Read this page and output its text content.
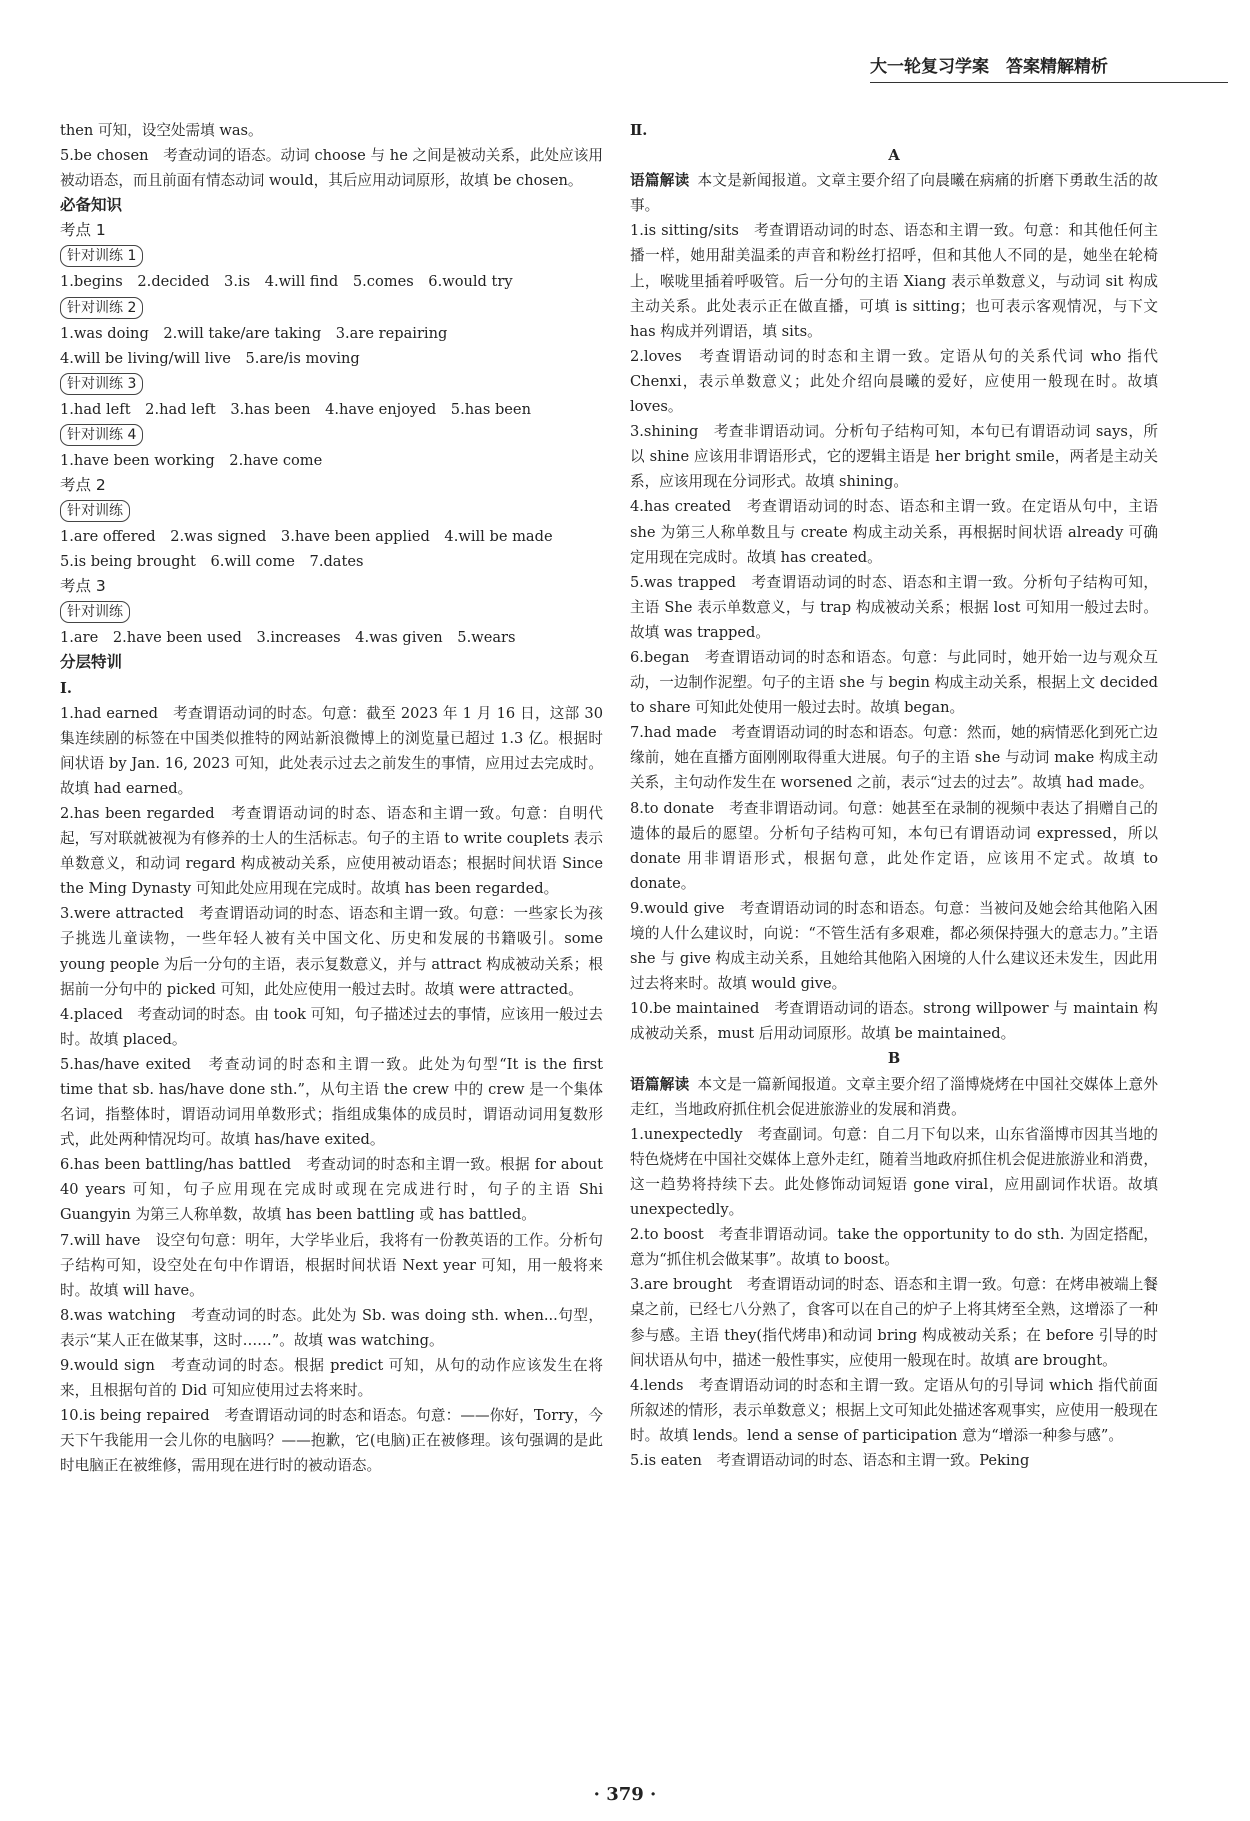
大一轮复习学案　答案精解精析

then 可知，设空处需填 was。

5.be chosen　考查动词的语态。动词 choose 与 he 之间是被动关系，此处应该用被动语态，而且前面有情态动词 would，其后应用动词原形，故填 be chosen。

必备知识

考点 1

针对训练 1

1.begins　2.decided　3.is　4.will find　5.comes　6.would try

针对训练 2

1.was doing　2.will take/are taking　3.are repairing

4.will be living/will live　5.are/is moving

针对训练 3

1.had left　2.had left　3.has been　4.have enjoyed　5.has been

针对训练 4

1.have been working　2.have come

考点 2

针对训练

1.are offered　2.was signed　3.have been applied　4.will be made

5.is being brought　6.will come　7.dates

考点 3

针对训练

1.are　2.have been used　3.increases　4.was given　5.wears

分层特训

Ⅰ.

1.had earned　考查谓语动词的时态。句意：截至 2023 年 1 月 16 日，这部 30 集连续剧的标签在中国类似推特的网站新浪微博上的浏览量已超过 1.3 亿。根据时间状语 by Jan. 16, 2023 可知，此处表示过去之前发生的事情，应用过去完成时。故填 had earned。

2.has been regarded　考查谓语动词的时态、语态和主谓一致。句意：自明代起，写对联就被视为有修养的士人的生活标志。句子的主语 to write couplets 表示单数意义，和动词 regard 构成被动关系，应使用被动语态；根据时间状语 Since the Ming Dynasty 可知此处应用现在完成时。故填 has been regarded。

3.were attracted　考查谓语动词的时态、语态和主谓一致。句意：一些家长为孩子挑选儿童读物，一些年轻人被有关中国文化、历史和发展的书籍吸引。some young people 为后一分句的主语，表示复数意义，并与 attract 构成被动关系；根据前一分句中的 picked 可知，此处应使用一般过去时。故填 were attracted。

4.placed　考查动词的时态。由 took 可知，句子描述过去的事情，应该用一般过去时。故填 placed。

5.has/have exited　考查动词的时态和主谓一致。此处为句型“It is the first time that sb. has/have done sth.”，从句主语 the crew 中的 crew 是一个集体名词，指整体时，谓语动词用单数形式；指组成集体的成员时，谓语动词用复数形式，此处两种情况均可。故填 has/have exited。

6.has been battling/has battled　考查动词的时态和主谓一致。根据 for about 40 years 可知，句子应用现在完成时或现在完成进行时，句子的主语 Shi Guangyin 为第三人称单数，故填 has been battling 或 has battled。

7.will have　设空句句意：明年，大学毕业后，我将有一份教英语的工作。分析句子结构可知，设空处在句中作谓语，根据时间状语 Next year 可知，用一般将来时。故填 will have。

8.was watching　考查动词的时态。此处为 Sb. was doing sth. when...句型，表示“某人正在做某事，这时……”。故填 was watching。

9.would sign　考查动词的时态。根据 predict 可知，从句的动作应该发生在将来，且根据句首的 Did 可知应使用过去将来时。

10.is being repaired　考查谓语动词的时态和语态。句意：——你好，Torry，今天下午我能用一会儿你的电脑吗？——抱歉，它(电脑)正在被修理。该句强调的是此时电脑正在被维修，需用现在进行时的被动语态。

Ⅱ.

A

语篇解读 本文是新闻报道。文章主要介绍了向晨曦在病痛的折磨下勇敢生活的故事。

1.is sitting/sits　考查谓语动词的时态、语态和主谓一致。句意：和其他任何主播一样，她用甜美温柔的声音和粉丝打招呼，但和其他人不同的是，她坐在轮椅上，喉咙里插着呼吸管。后一分句的主语 Xiang 表示单数意义，与动词 sit 构成主动关系。此处表示正在做直播，可填 is sitting；也可表示客观情况，与下文 has 构成并列谓语，填 sits。

2.loves　考查谓语动词的时态和主谓一致。定语从句的关系代词 who 指代 Chenxi，表示单数意义；此处介绍向晨曦的爱好，应使用一般现在时。故填 loves。

3.shining　考查非谓语动词。分析句子结构可知，本句已有谓语动词 says，所以 shine 应该用非谓语形式，它的逻辑主语是 her bright smile，两者是主动关系，应该用现在分词形式。故填 shining。

4.has created　考查谓语动词的时态、语态和主谓一致。在定语从句中，主语 she 为第三人称单数且与 create 构成主动关系，再根据时间状语 already 可确定用现在完成时。故填 has created。

5.was trapped　考查谓语动词的时态、语态和主谓一致。分析句子结构可知，主语 She 表示单数意义，与 trap 构成被动关系；根据 lost 可知用一般过去时。故填 was trapped。

6.began　考查谓语动词的时态和语态。句意：与此同时，她开始一边与观众互动，一边制作泥塑。句子的主语 she 与 begin 构成主动关系，根据上文 decided to share 可知此处使用一般过去时。故填 began。

7.had made　考查谓语动词的时态和语态。句意：然而，她的病情恶化到死亡边缘前，她在直播方面刚刚取得重大进展。句子的主语 she 与动词 make 构成主动关系，主句动作发生在 worsened 之前，表示“过去的过去”。故填 had made。

8.to donate　考查非谓语动词。句意：她甚至在录制的视频中表达了捐赠自己的遗体的最后的愿望。分析句子结构可知，本句已有谓语动词 expressed，所以 donate 用非谓语形式，根据句意，此处作定语，应该用不定式。故填 to donate。

9.would give　考查谓语动词的时态和语态。句意：当被问及她会给其他陷入困境的人什么建议时，向说：“不管生活有多艰难，都必须保持强大的意志力。”主语 she 与 give 构成主动关系，且她给其他陷入困境的人什么建议还未发生，因此用过去将来时。故填 would give。

10.be maintained　考查谓语动词的语态。strong willpower 与 maintain 构成被动关系，must 后用动词原形。故填 be maintained。

B

语篇解读 本文是一篇新闻报道。文章主要介绍了淄博烧烤在中国社交媒体上意外走红，当地政府抓住机会促进旅游业的发展和消费。

1.unexpectedly　考查副词。句意：自二月下旬以来，山东省淄博市因其当地的特色烧烤在中国社交媒体上意外走红，随着当地政府抓住机会促进旅游业和消费，这一趋势将持续下去。此处修饰动词短语 gone viral，应用副词作状语。故填 unexpectedly。

2.to boost　考查非谓语动词。take the opportunity to do sth. 为固定搭配，意为“抓住机会做某事”。故填 to boost。

3.are brought　考查谓语动词的时态、语态和主谓一致。句意：在烤串被端上餐桌之前，已经七八分熟了，食客可以在自己的炉子上将其烤至全熟，这增添了一种参与感。主语 they(指代烤串)和动词 bring 构成被动关系；在 before 引导的时间状语从句中，描述一般性事实，应使用一般现在时。故填 are brought。

4.lends　考查谓语动词的时态和主谓一致。定语从句的引导词 which 指代前面所叙述的情形，表示单数意义；根据上文可知此处描述客观事实，应使用一般现在时。故填 lends。lend a sense of participation 意为“增添一种参与感”。

5.is eaten　考查谓语动词的时态、语态和主谓一致。Peking

· 379 ·
